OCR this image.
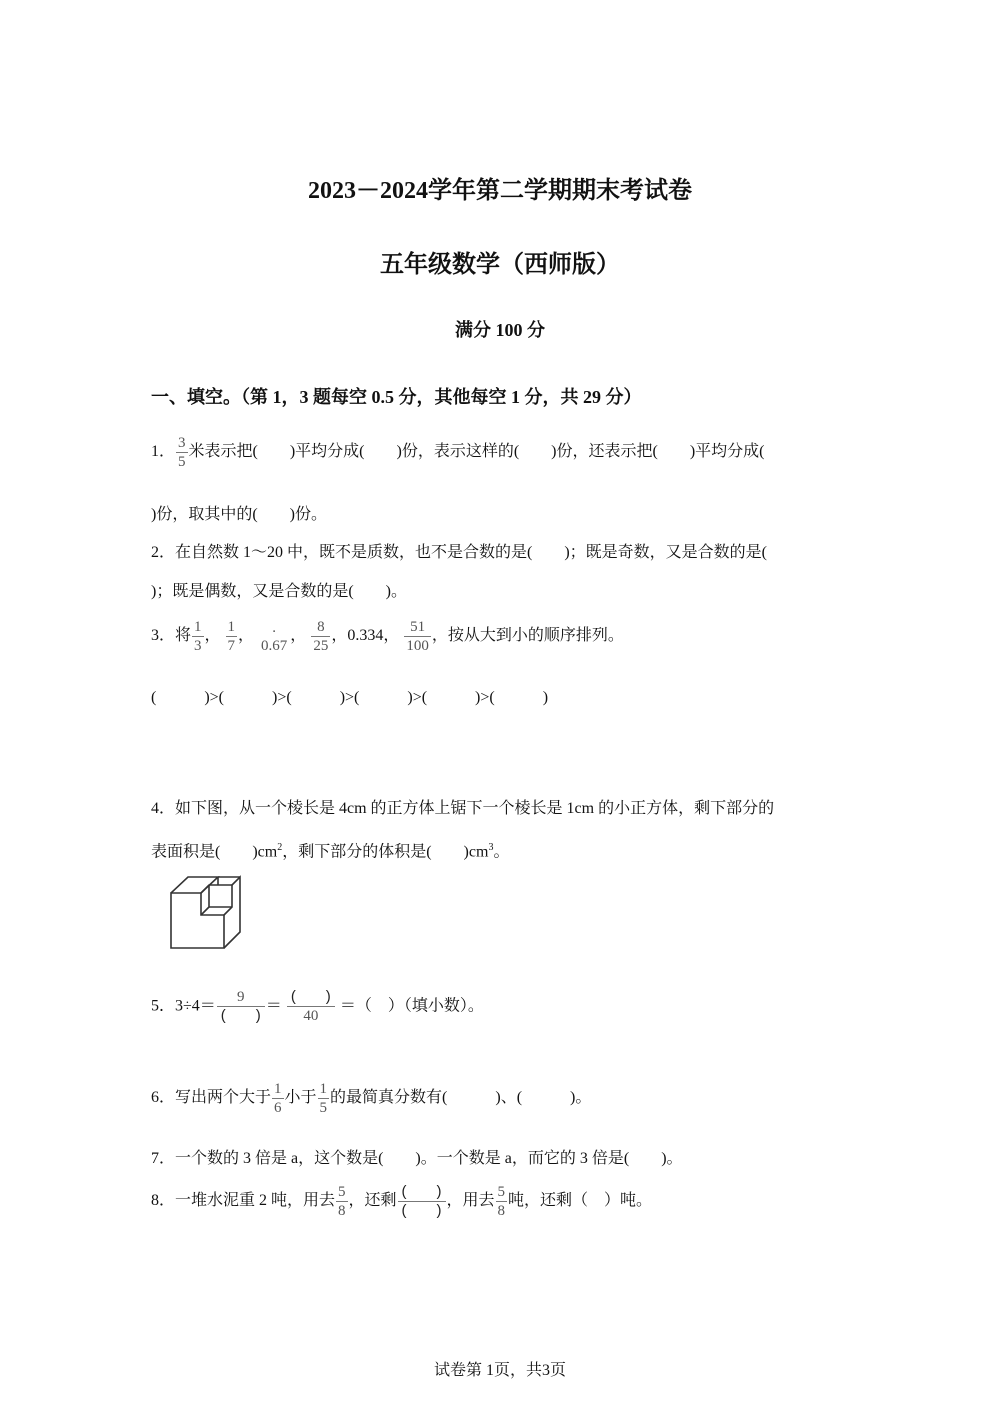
2023－2024学年第二学期期末考试卷
五年级数学（西师版）
满分 100 分
一、填空。（第 1，3 题每空 0.5 分，其他每空 1 分，共 29 分）
1． $\frac{3}{5}$ 米表示把(　　)平均分成(　　)份，表示这样的(　　)份，还表示把(　　)平均分成(
)份，取其中的(　　)份。
2．在自然数 1～20 中，既不是质数，也不是合数的是(　　)；既是奇数，又是合数的是(
)；既是偶数，又是合数的是(　　)。
3．将 $\frac{1}{3}$ ， $\frac{1}{7}$ ，	.
0.67
， $\frac{8}{25}$ ，0.334， $\frac{51}{100}$ ，按从大到小的顺序排列。
(　　　)>(　　　)>(　　　)>(　　　)>(　　　)>(　　　)
4．如下图，从一个棱长是 4cm 的正方体上锯下一个棱长是 1cm 的小正方体，剩下部分的
表面积是(　　)$cm^2$，剩下部分的体积是(　　)$cm^3$。
5．$3\div 4= \frac{9}{( )} = \frac{( )}{40}$ ＝（　）（填小数）。
6．写出两个大于 $\frac{1}{6}$ 小于 $\frac{1}{5}$ 的最简真分数有(　　　)、(　　　)。
7．一个数的 3 倍是 a，这个数是(　　)。一个数是 a，而它的 3 倍是(　　)。
8．一堆水泥重 2 吨，用去 $\frac{5}{8}$ ，还剩 $\frac{( )}{( )}$ ，用去 $\frac{5}{8}$ 吨，还剩（　）吨。
试卷第 1页，共3页
